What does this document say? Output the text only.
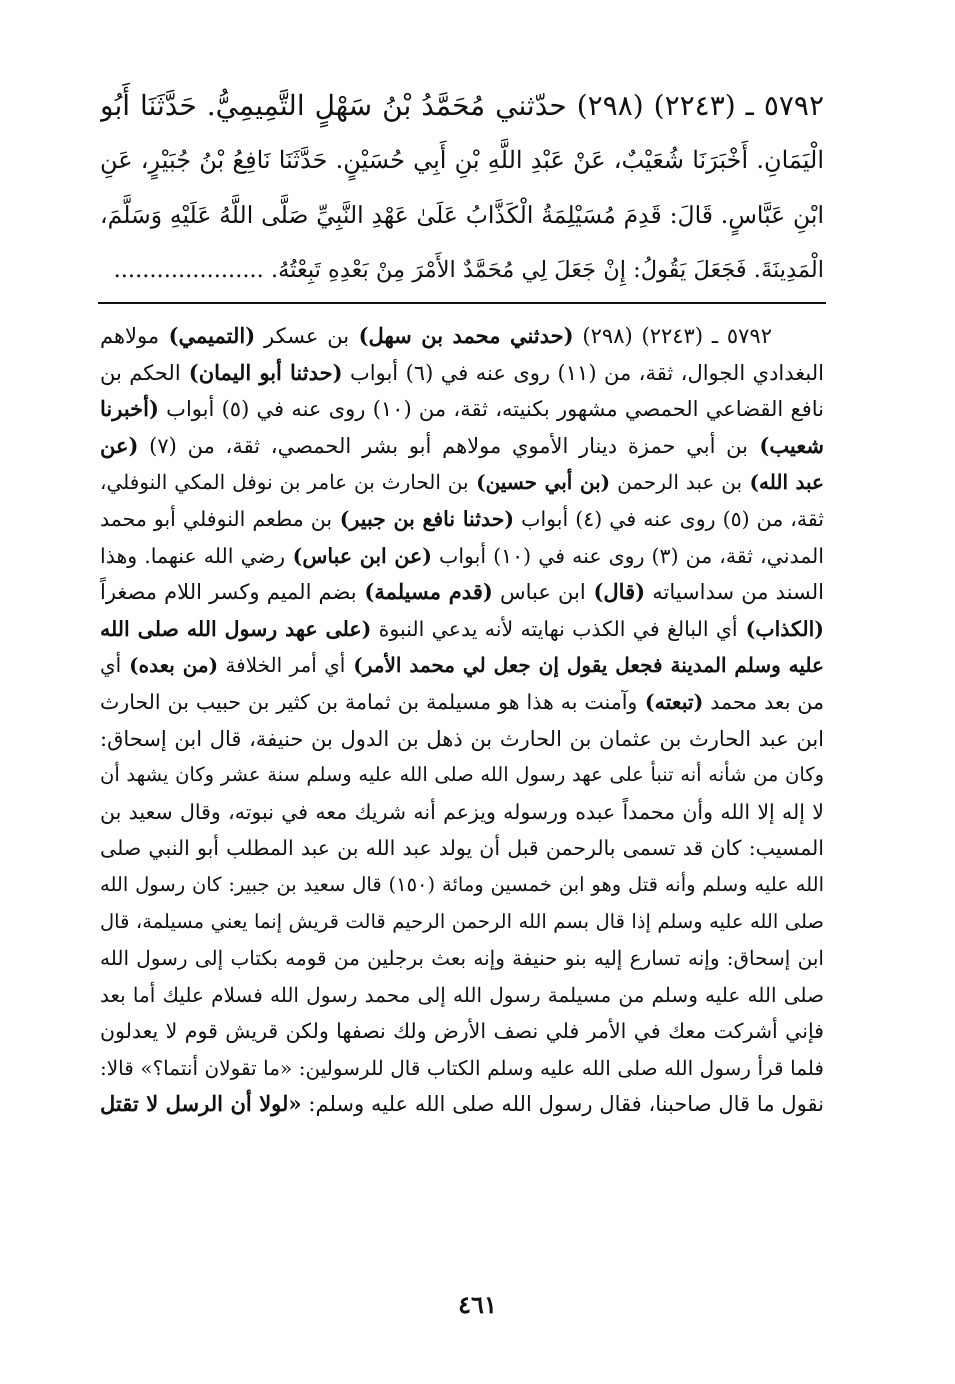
٥٧٩٢ ـ (٢٢٤٣) (٢٩٨) حدّثني مُحَمَّدُ بْنُ سَهْلٍ التَّمِيمِيُّ. حَدَّثَنَا أَبُو
الْيَمَانِ. أَخْبَرَنَا شُعَيْبٌ، عَنْ عَبْدِ اللَّهِ بْنِ أَبِي حُسَيْنٍ. حَدَّثَنَا نَافِعُ بْنُ جُبَيْرٍ، عَنِ
ابْنِ عَبَّاسٍ. قَالَ: قَدِمَ مُسَيْلِمَةُ الْكَذَّابُ عَلَىٰ عَهْدِ النَّبِيِّ صَلَّى اللَّهُ عَلَيْهِ وَسَلَّمَ،
الْمَدِينَةَ. فَجَعَلَ يَقُولُ: إِنْ جَعَلَ لِي مُحَمَّدٌ الأَمْرَ مِنْ بَعْدِهِ تَبِعْتُهُ. .....................
٥٧٩٢ ـ (٢٢٤٣) (٢٩٨) (حدثني محمد بن سهل) بن عسكر (التميمي) مولاهم
البغدادي الجوال، ثقة، من (١١) روى عنه في (٦) أبواب (حدثنا أبو اليمان) الحكم بن
نافع القضاعي الحمصي مشهور بكنيته، ثقة، من (١٠) روى عنه في (٥) أبواب (أخبرنا
شعيب) بن أبي حمزة دينار الأموي مولاهم أبو بشر الحمصي، ثقة، من (٧) (عن
عبد الله) بن عبد الرحمن (بن أبي حسين) بن الحارث بن عامر بن نوفل المكي النوفلي،
ثقة، من (٥) روى عنه في (٤) أبواب (حدثنا نافع بن جبير) بن مطعم النوفلي أبو محمد
المدني، ثقة، من (٣) روى عنه في (١٠) أبواب (عن ابن عباس) رضي الله عنهما. وهذا
السند من سداسياته (قال) ابن عباس (قدم مسيلمة) بضم الميم وكسر اللام مصغراً
(الكذاب) أي البالغ في الكذب نهايته لأنه يدعي النبوة (على عهد رسول الله صلى الله
عليه وسلم المدينة فجعل يقول إن جعل لي محمد الأمر) أي أمر الخلافة (من بعده) أي
من بعد محمد (تبعته) وآمنت به هذا هو مسيلمة بن ثمامة بن كثير بن حبيب بن الحارث
ابن عبد الحارث بن عثمان بن الحارث بن ذهل بن الدول بن حنيفة، قال ابن إسحاق:
وكان من شأنه أنه تنبأ على عهد رسول الله صلى الله عليه وسلم سنة عشر وكان يشهد أن
لا إله إلا الله وأن محمداً عبده ورسوله ويزعم أنه شريك معه في نبوته، وقال سعيد بن
المسيب: كان قد تسمى بالرحمن قبل أن يولد عبد الله بن عبد المطلب أبو النبي صلى
الله عليه وسلم وأنه قتل وهو ابن خمسين ومائة (١٥٠) قال سعيد بن جبير: كان رسول الله
صلى الله عليه وسلم إذا قال بسم الله الرحمن الرحيم قالت قريش إنما يعني مسيلمة، قال
ابن إسحاق: وإنه تسارع إليه بنو حنيفة وإنه بعث برجلين من قومه بكتاب إلى رسول الله
صلى الله عليه وسلم من مسيلمة رسول الله إلى محمد رسول الله فسلام عليك أما بعد
فإني أشركت معك في الأمر فلي نصف الأرض ولك نصفها ولكن قريش قوم لا يعدلون
فلما قرأ رسول الله صلى الله عليه وسلم الكتاب قال للرسولين: «ما تقولان أنتما؟» قالا:
نقول ما قال صاحبنا، فقال رسول الله صلى الله عليه وسلم: «لولا أن الرسل لا تقتل
٤٦١
